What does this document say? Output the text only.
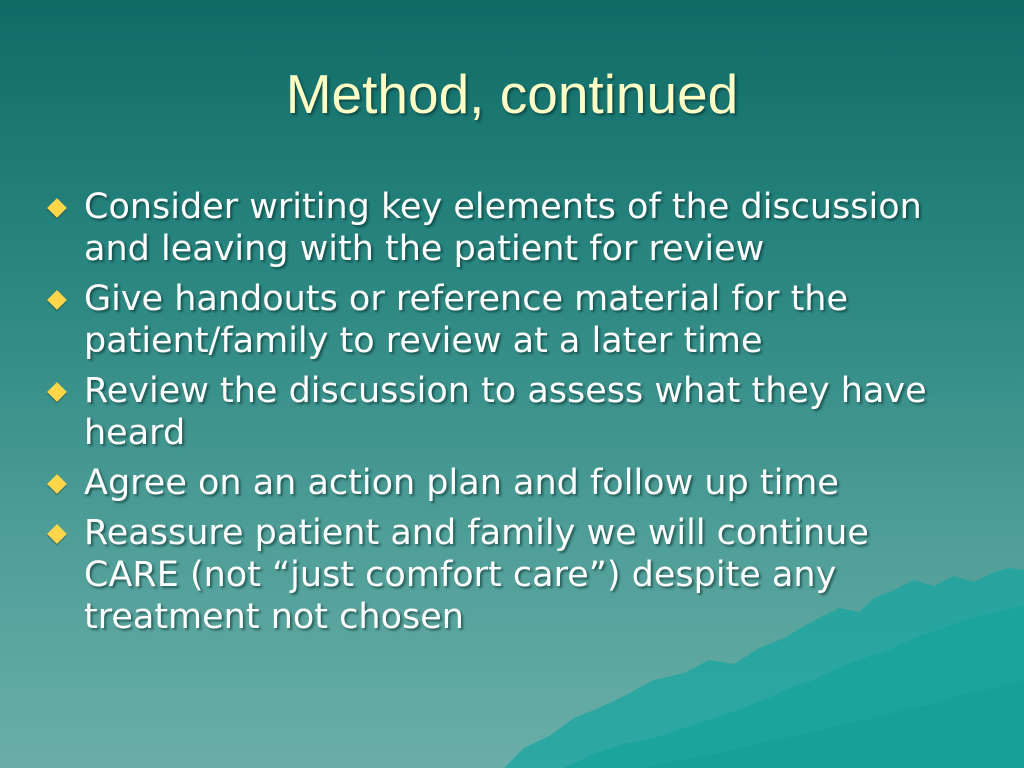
Method, continued
Consider writing key elements of the discussion and leaving with the patient for review
Give handouts or reference material for the patient/family to review at a later time
Review the discussion to assess what they have heard
Agree on an action plan and follow up time
Reassure patient and family we will continue CARE (not “just comfort care”) despite any treatment not chosen
